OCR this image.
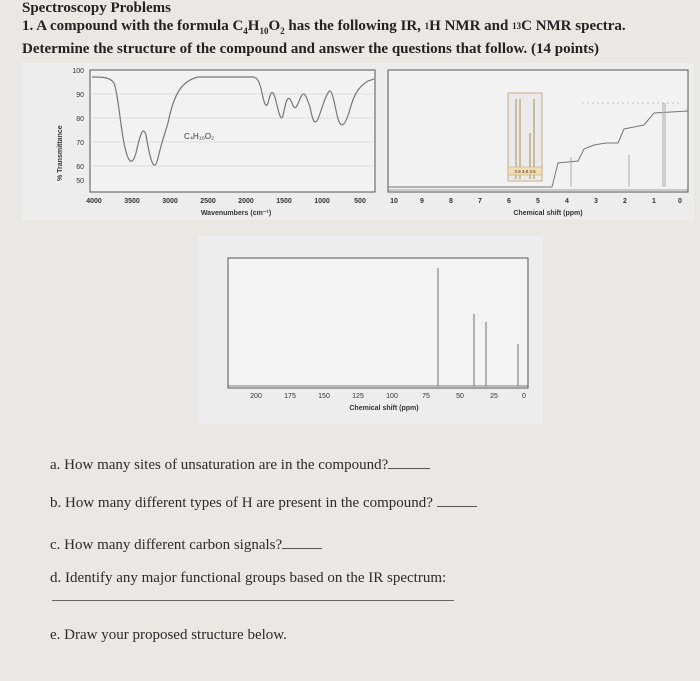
Spectroscopy Problems
1. A compound with the formula $C_4H_{10}O_2$ has the following IR, $^1$H NMR and $^{13}$C NMR spectra.
Determine the structure of the compound and answer the questions that follow. (14 points)
100
90
80
70
60
50
% Transmittance
4000	3500	3000	2500	2000	1500	1000	500
Wavenumbers (cm⁻¹)
C₄H₁₀O₂
10	9	8	7	6	5	4	3	2	1	0
Chemical shift (ppm)
3.9 3.8 3.6
200	175	150	125	100	75	50	25	0
Chemical shift (ppm)
a. How many sites of unsaturation are in the compound?
b. How many different types of H are present in the compound?
c. How many different carbon signals?
d. Identify any major functional groups based on the IR spectrum:
e. Draw your proposed structure below.
